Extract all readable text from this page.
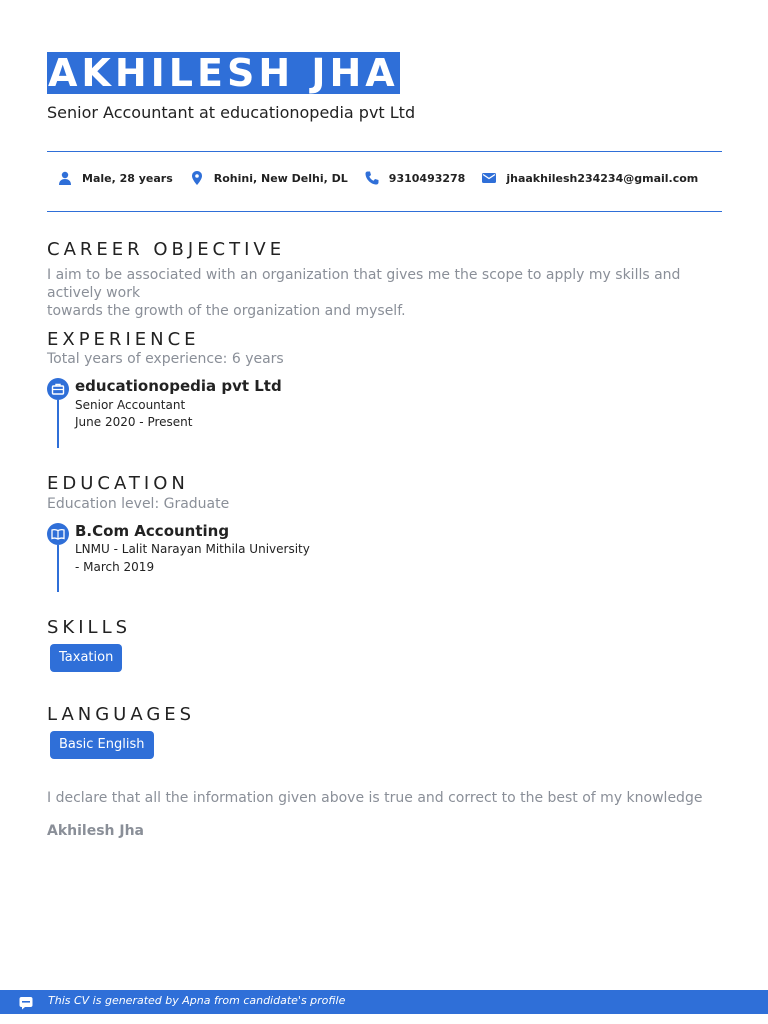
AKHILESH JHA
Senior Accountant at educationopedia pvt Ltd
Male, 28 years	Rohini, New Delhi, DL	9310493278	jhaakhilesh234234@gmail.com
CAREER OBJECTIVE
I aim to be associated with an organization that gives me the scope to apply my skills and actively work
towards the growth of the organization and myself.
EXPERIENCE
Total years of experience: 6 years
educationopedia pvt Ltd
Senior Accountant
June 2020 - Present
EDUCATION
Education level: Graduate
B.Com Accounting
LNMU - Lalit Narayan Mithila University
- March 2019
SKILLS
Taxation
LANGUAGES
Basic English
I declare that all the information given above is true and correct to the best of my knowledge
Akhilesh Jha
This CV is generated by Apna from candidate's profile
